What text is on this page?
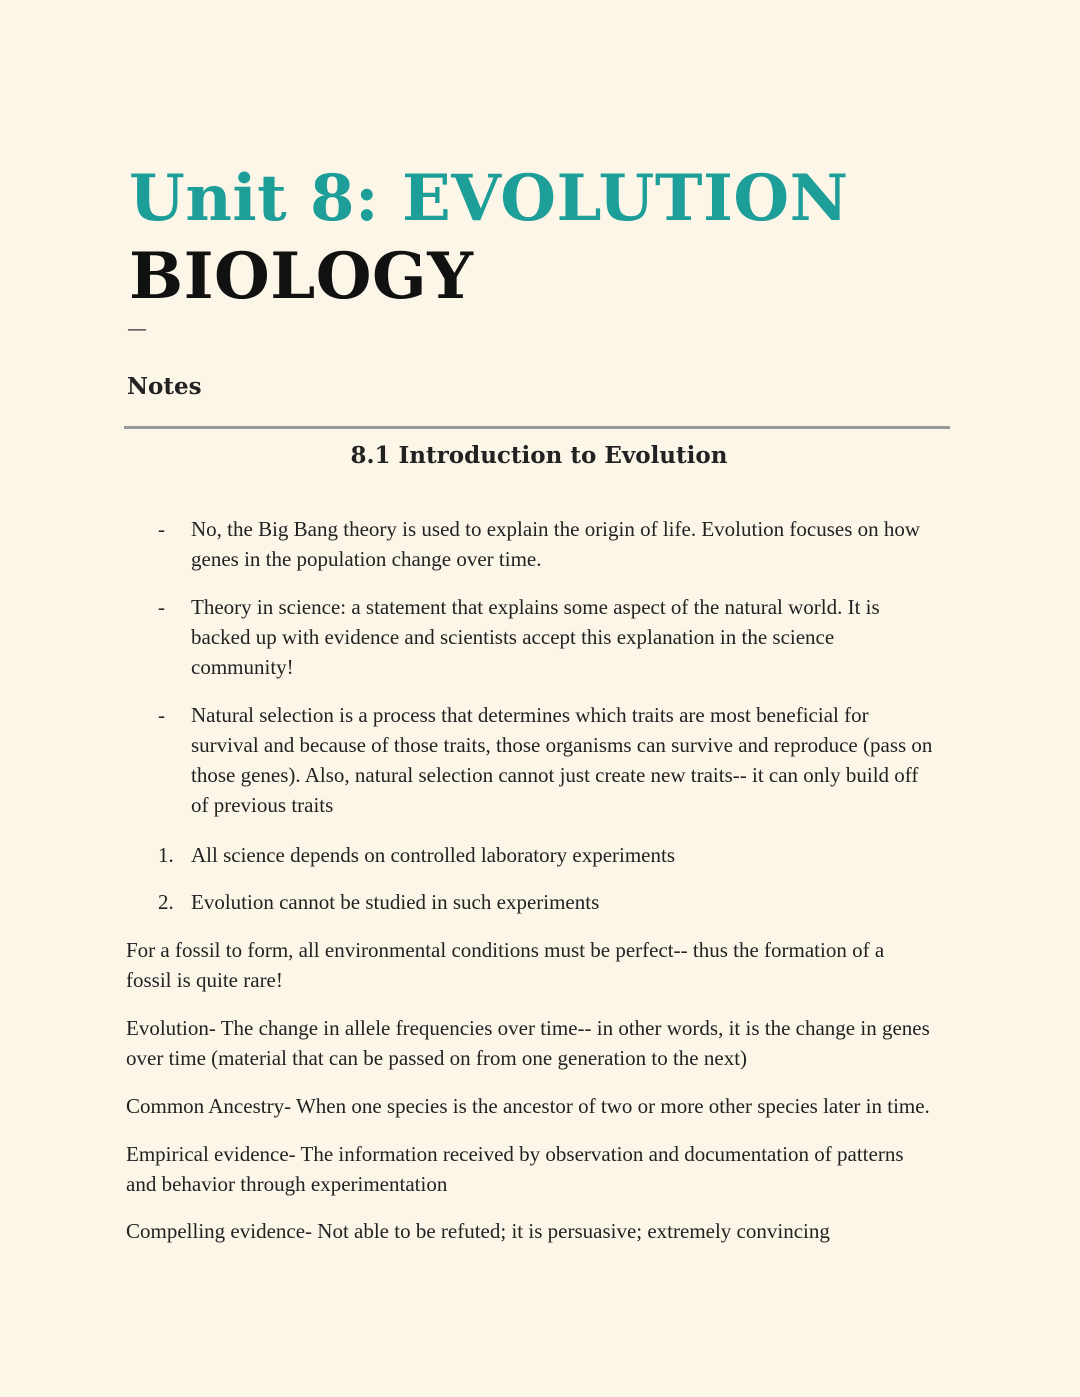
Unit 8: EVOLUTION
BIOLOGY
—
Notes
8.1 Introduction to Evolution
-	No, the Big Bang theory is used to explain the origin of life. Evolution focuses on how
genes in the population change over time.
-	Theory in science: a statement that explains some aspect of the natural world. It is
backed up with evidence and scientists accept this explanation in the science
community!
-	Natural selection is a process that determines which traits are most beneficial for
survival and because of those traits, those organisms can survive and reproduce (pass on
those genes). Also, natural selection cannot just create new traits-- it can only build off
of previous traits
1. All science depends on controlled laboratory experiments
2. Evolution cannot be studied in such experiments
For a fossil to form, all environmental conditions must be perfect-- thus the formation of a
fossil is quite rare!
Evolution- The change in allele frequencies over time-- in other words, it is the change in genes
over time (material that can be passed on from one generation to the next)
Common Ancestry- When one species is the ancestor of two or more other species later in time.
Empirical evidence- The information received by observation and documentation of patterns
and behavior through experimentation
Compelling evidence- Not able to be refuted; it is persuasive; extremely convincing
